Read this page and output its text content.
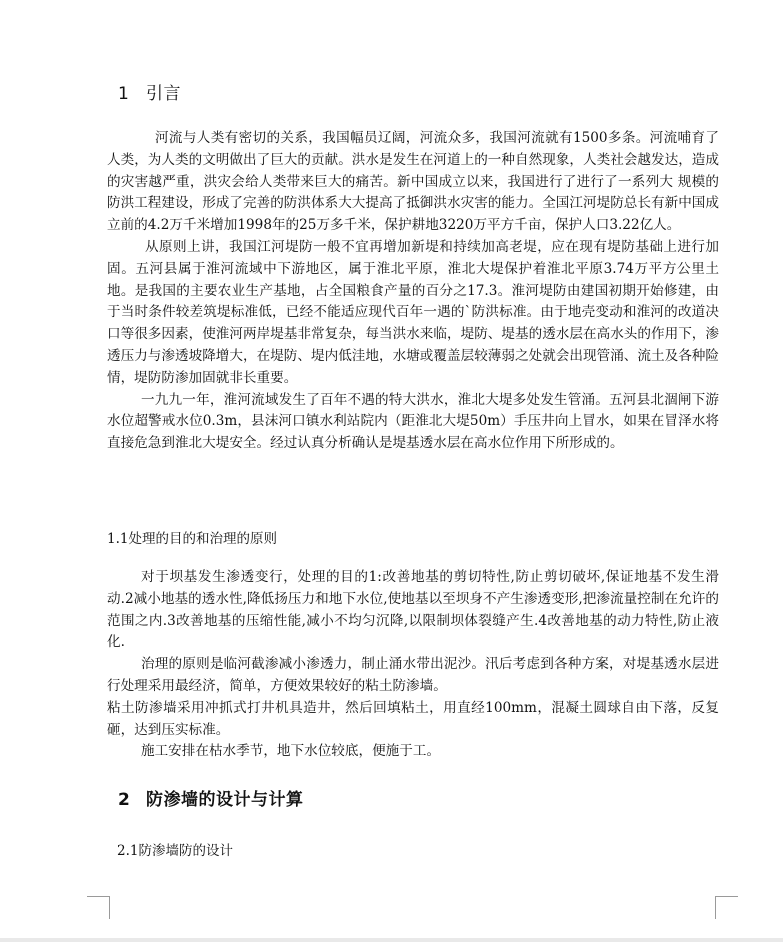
1 引言

河流与人类有密切的关系，我国幅员辽阔，河流众多，我国河流就有1500多条。河流哺育了人类，为人类的文明做出了巨大的贡献。洪水是发生在河道上的一种自然现象，人类社会越发达，造成的灾害越严重，洪灾会给人类带来巨大的痛苦。新中国成立以来，我国进行了进行了一系列大 规模的防洪工程建设，形成了完善的防洪体系大大提高了抵御洪水灾害的能力。全国江河堤防总长有新中国成立前的4.2万千米增加1998年的25万多千米，保护耕地3220万平方千亩，保护人口3.22亿人。

从原则上讲，我国江河堤防一般不宜再增加新堤和持续加高老堤，应在现有堤防基础上进行加固。五河县属于淮河流域中下游地区，属于淮北平原，淮北大堤保护着淮北平原3.74万平方公里土地。是我国的主要农业生产基地，占全国粮食产量的百分之17.3。淮河堤防由建国初期开始修建，由于当时条件较差筑堤标准低，已经不能适应现代百年一遇的`防洪标准。由于地壳变动和淮河的改道决口等很多因素，使淮河两岸堤基非常复杂，每当洪水来临，堤防、堤基的透水层在高水头的作用下，渗透压力与渗透坡降增大，在堤防、堤内低洼地，水塘或覆盖层较薄弱之处就会出现管涌、流土及各种险情，堤防防渗加固就非长重要。

一九九一年，淮河流域发生了百年不遇的特大洪水，淮北大堤多处发生管涌。五河县北涸闸下游水位超警戒水位0.3m，县沫河口镇水利站院内（距淮北大堤50m）手压井向上冒水，如果在冒泽水将直接危急到淮北大堤安全。经过认真分析确认是堤基透水层在高水位作用下所形成的。

1.1处理的目的和治理的原则

对于坝基发生渗透变行，处理的目的1:改善地基的剪切特性,防止剪切破坏,保证地基不发生滑动.2减小地基的透水性,降低扬压力和地下水位,使地基以至坝身不产生渗透变形,把渗流量控制在允许的范围之内.3改善地基的压缩性能,减小不均匀沉降,以限制坝体裂缝产生.4改善地基的动力特性,防止液化.

治理的原则是临河截渗减小渗透力，制止涌水带出泥沙。汛后考虑到各种方案，对堤基透水层进行处理采用最经济，简单，方便效果较好的粘土防渗墙。

粘土防渗墙采用冲抓式打井机具造井，然后回填粘土，用直经100mm，混凝土圆球自由下落，反复砸，达到压实标准。

施工安排在枯水季节，地下水位较底，便施于工。

2 防渗墙的设计与计算
2.1防渗墙防的设计
